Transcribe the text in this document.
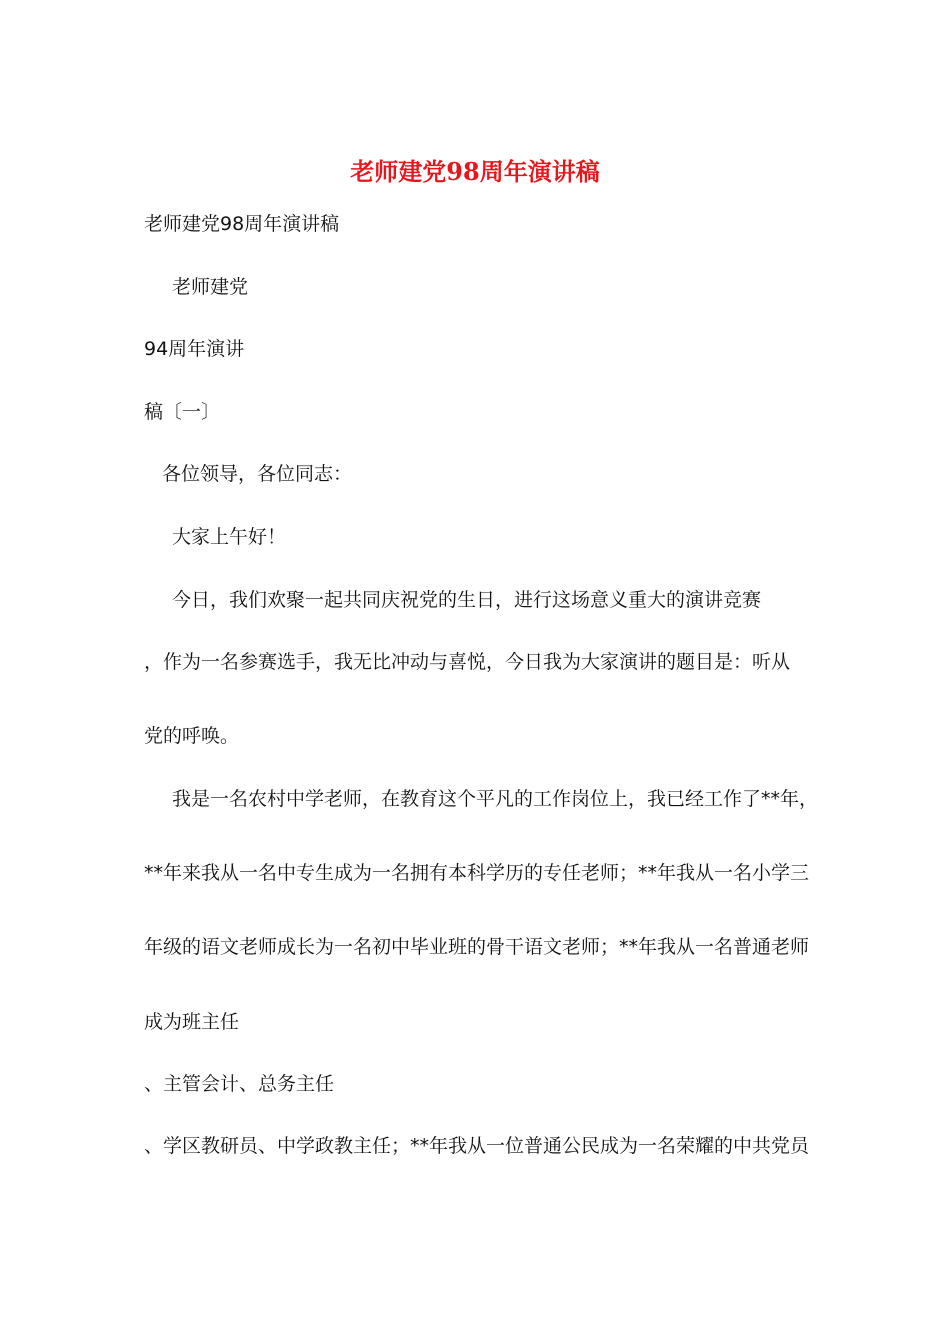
老师建党98周年演讲稿
老师建党98周年演讲稿
老师建党
94周年演讲
稿〔一〕
各位领导，各位同志：
大家上午好！
今日，我们欢聚一起共同庆祝党的生日，进行这场意义重大的演讲竞赛
，作为一名参赛选手，我无比冲动与喜悦，今日我为大家演讲的题目是：听从
党的呼唤。
我是一名农村中学老师，在教育这个平凡的工作岗位上，我已经工作了**年，
**年来我从一名中专生成为一名拥有本科学历的专任老师；**年我从一名小学三
年级的语文老师成长为一名初中毕业班的骨干语文老师；**年我从一名普通老师
成为班主任
、主管会计、总务主任
、学区教研员、中学政教主任；**年我从一位普通公民成为一名荣耀的中共党员
